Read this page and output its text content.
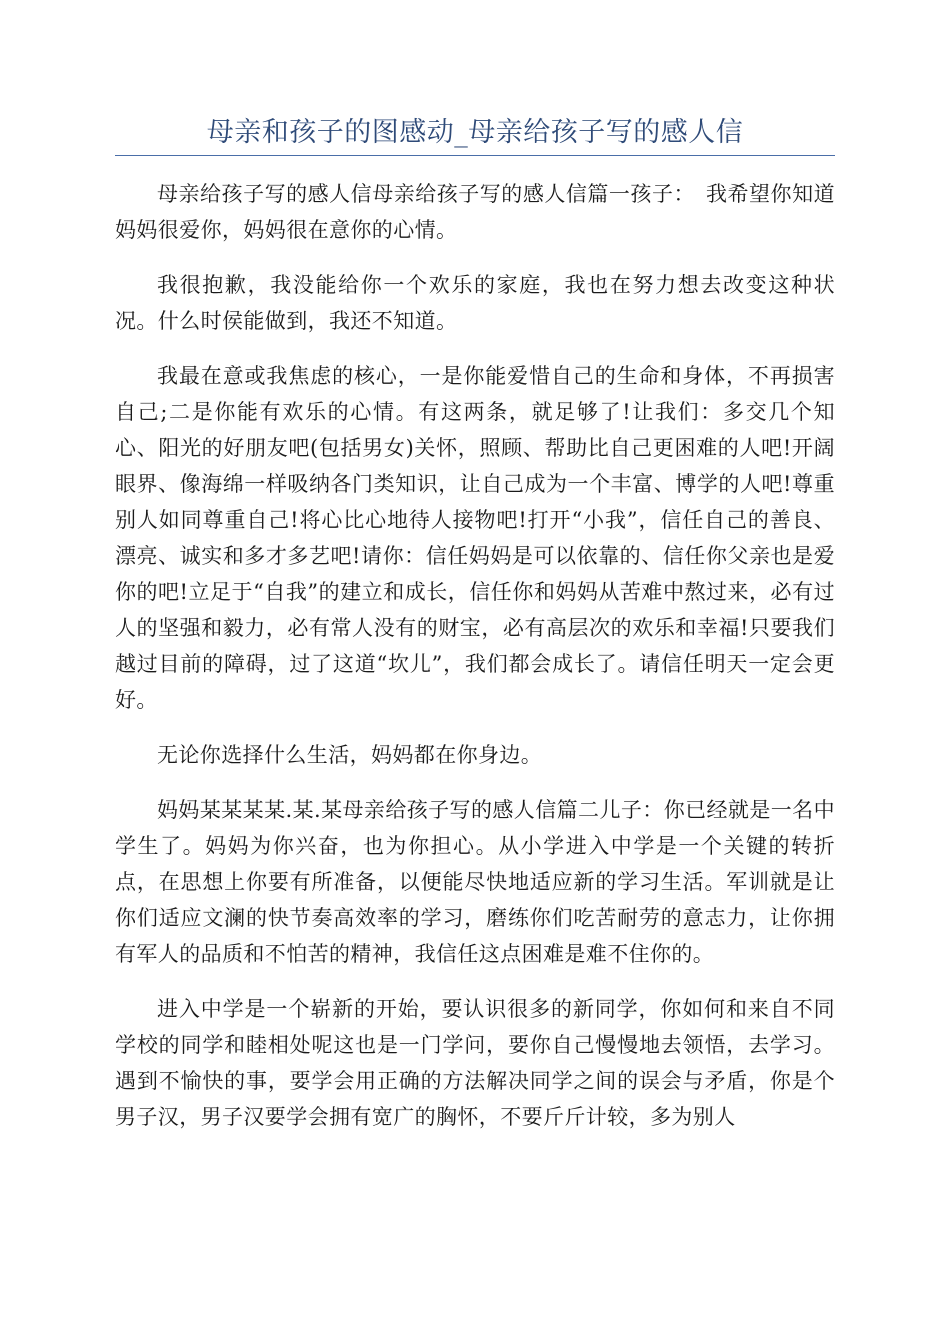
母亲和孩子的图感动_母亲给孩子写的感人信

母亲给孩子写的感人信母亲给孩子写的感人信篇一孩子：　我希望你知道妈妈很爱你，妈妈很在意你的心情。

我很抱歉，我没能给你一个欢乐的家庭，我也在努力想去改变这种状况。什么时侯能做到，我还不知道。

我最在意或我焦虑的核心，一是你能爱惜自己的生命和身体，不再损害自己;二是你能有欢乐的心情。有这两条，就足够了!让我们：多交几个知心、阳光的好朋友吧(包括男女)关怀，照顾、帮助比自己更困难的人吧!开阔眼界、像海绵一样吸纳各门类知识，让自己成为一个丰富、博学的人吧!尊重别人如同尊重自己!将心比心地待人接物吧!打开“小我”，信任自己的善良、漂亮、诚实和多才多艺吧!请你：信任妈妈是可以依靠的、信任你父亲也是爱你的吧!立足于“自我”的建立和成长，信任你和妈妈从苦难中熬过来，必有过人的坚强和毅力，必有常人没有的财宝，必有高层次的欢乐和幸福!只要我们越过目前的障碍，过了这道“坎儿”，我们都会成长了。请信任明天一定会更好。

无论你选择什么生活，妈妈都在你身边。

妈妈某某某某.某.某母亲给孩子写的感人信篇二儿子：你已经就是一名中学生了。妈妈为你兴奋，也为你担心。从小学进入中学是一个关键的转折点，在思想上你要有所准备，以便能尽快地适应新的学习生活。军训就是让你们适应文澜的快节奏高效率的学习，磨练你们吃苦耐劳的意志力，让你拥有军人的品质和不怕苦的精神，我信任这点困难是难不住你的。

进入中学是一个崭新的开始，要认识很多的新同学，你如何和来自不同学校的同学和睦相处呢这也是一门学问，要你自己慢慢地去领悟，去学习。遇到不愉快的事，要学会用正确的方法解决同学之间的误会与矛盾，你是个男子汉，男子汉要学会拥有宽广的胸怀，不要斤斤计较，多为别人
